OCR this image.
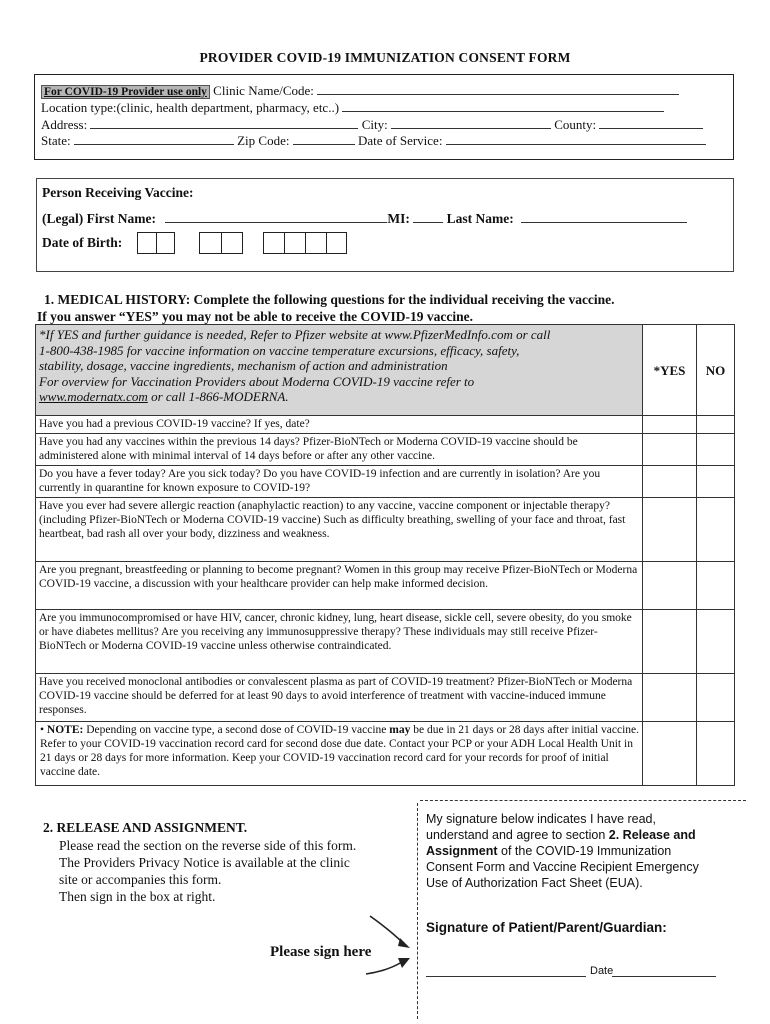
PROVIDER COVID-19 IMMUNIZATION CONSENT FORM
For COVID-19 Provider use only Clinic Name/Code:
Location type:(clinic, health department, pharmacy, etc..)
Address:	City:	County:
State:	Zip Code:	Date of Service:
Person Receiving Vaccine:
(Legal) First Name:	MI:	Last Name:
Date of Birth:
1. MEDICAL HISTORY: Complete the following questions for the individual receiving the vaccine.
If you answer “YES” you may not be able to receive the COVID-19 vaccine.
*If YES and further guidance is needed, Refer to Pfizer website at www.PfizerMedInfo.com or call
1-800-438-1985 for vaccine information on vaccine temperature excursions, efficacy, safety,
stability, dosage, vaccine ingredients, mechanism of action and administration
For overview for Vaccination Providers about Moderna COVID-19 vaccine refer to
www.modernatx.com or call 1-866-MODERNA.	*YES	NO
Have you had a previous COVID-19 vaccine? If yes, date?		
Have you had any vaccines within the previous 14 days? Pfizer-BioNTech or Moderna COVID-19 vaccine should be administered alone with minimal interval of 14 days before or after any other vaccine.		
Do you have a fever today? Are you sick today? Do you have COVID-19 infection and are currently in isolation? Are you currently in quarantine for known exposure to COVID-19?		
Have you ever had severe allergic reaction (anaphylactic reaction) to any vaccine, vaccine component or injectable therapy? (including Pfizer-BioNTech or Moderna COVID-19 vaccine) Such as difficulty breathing, swelling of your face and throat, fast heartbeat, bad rash all over your body, dizziness and weakness.		
Are you pregnant, breastfeeding or planning to become pregnant? Women in this group may receive Pfizer-BioNTech or Moderna COVID-19 vaccine, a discussion with your healthcare provider can help make informed decision.		
Are you immunocompromised or have HIV, cancer, chronic kidney, lung, heart disease, sickle cell, severe obesity, do you smoke or have diabetes mellitus? Are you receiving any immunosuppressive therapy? These individuals may still receive Pfizer-BioNTech or Moderna COVID-19 vaccine unless otherwise contraindicated.		
Have you received monoclonal antibodies or convalescent plasma as part of COVID-19 treatment? Pfizer-BioNTech or Moderna COVID-19 vaccine should be deferred for at least 90 days to avoid interference of treatment with vaccine-induced immune responses.		
• NOTE: Depending on vaccine type, a second dose of COVID-19 vaccine may be due in 21 days or 28 days after initial vaccine. Refer to your COVID-19 vaccination record card for second dose due date. Contact your PCP or your ADH Local Health Unit in 21 days or 28 days for more information. Keep your COVID-19 vaccination record card for your records for proof of initial vaccine date.		
2. RELEASE AND ASSIGNMENT.
Please read the section on the reverse side of this form.
The Providers Privacy Notice is available at the clinic
site or accompanies this form.
Then sign in the box at right.
Please sign here
My signature below indicates I have read,
understand and agree to section 2. Release and
Assignment of the COVID-19 Immunization
Consent Form and Vaccine Recipient Emergency
Use of Authorization Fact Sheet (EUA).
Signature of Patient/Parent/Guardian:
Date
